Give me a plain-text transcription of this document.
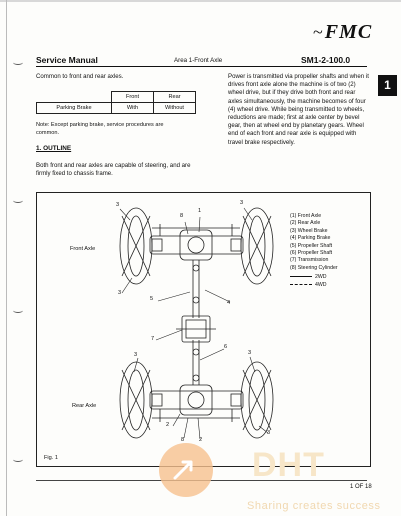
~FMC
Service Manual	Area 1-Front Axle	SM1-2-100.0
1
Common to front and rear axles.
	Front	Rear
Parking Brake	With	Without
Note: Except parking brake, service procedures are common.
Power is transmitted via propeller shafts and when it drives front axle alone the machine is of two (2) wheel drive, but if they drive both front and rear axles simultaneously, the machine becomes of four (4) wheel drive. While being transmitted to wheels, reductions are made; first at axle center by bevel gear, then at wheel end by planetary gears. Wheel end of each front and rear axle is equipped with travel brake respectively.
1. OUTLINE
Both front and rear axles are capable of steering, and are firmly fixed to chassis frame.
8
1
3	3
3
5
4
7
6
3	3
2
8	2
3
Front Axle
Rear Axle
Fig. 1
(1) Front Axle
(2) Rear Axle
(3) Wheel Brake
(4) Parking Brake
(5) Propeller Shaft
(6) Propeller Shaft
(7) Transmission
(8) Steering Cylinder
2WD
4WD
1 OF 18
DHT
Sharing creates success
